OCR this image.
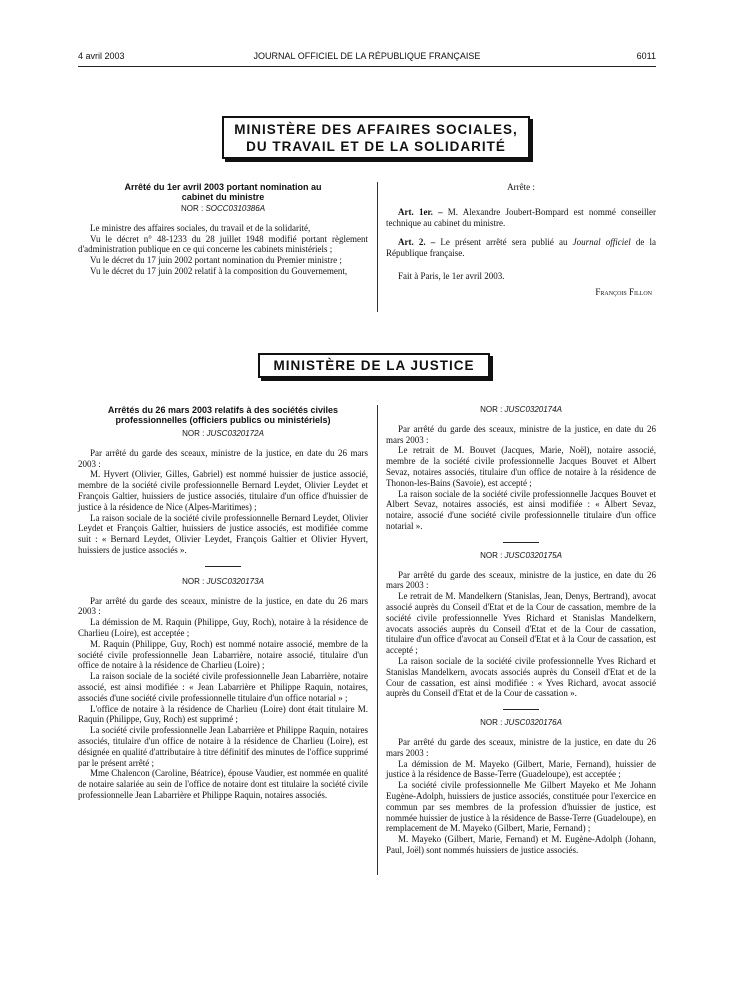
4 avril 2003	JOURNAL OFFICIEL DE LA RÉPUBLIQUE FRANÇAISE	6011
MINISTÈRE DES AFFAIRES SOCIALES,
DU TRAVAIL ET DE LA SOLIDARITÉ
Arrêté du 1er avril 2003 portant nomination au cabinet du ministre
NOR : SOCC0310386A

Le ministre des affaires sociales, du travail et de la solidarité,

Vu le décret n° 48-1233 du 28 juillet 1948 modifié portant règlement d'administration publique en ce qui concerne les cabinets ministériels ;

Vu le décret du 17 juin 2002 portant nomination du Premier ministre ;

Vu le décret du 17 juin 2002 relatif à la composition du Gouvernement,

Arrête :

Art. 1er. – M. Alexandre Joubert-Bompard est nommé conseiller technique au cabinet du ministre.

Art. 2. – Le présent arrêté sera publié au Journal officiel de la République française.

Fait à Paris, le 1er avril 2003.

François Fillon

MINISTÈRE DE LA JUSTICE
Arrêtés du 26 mars 2003 relatifs à des sociétés civiles professionnelles (officiers publics ou ministériels)
NOR : JUSC0320172A

Par arrêté du garde des sceaux, ministre de la justice, en date du 26 mars 2003 :

M. Hyvert (Olivier, Gilles, Gabriel) est nommé huissier de justice associé, membre de la société civile professionnelle Bernard Leydet, Olivier Leydet et François Galtier, huissiers de justice associés, titulaire d'un office d'huissier de justice à la résidence de Nice (Alpes-Maritimes) ;

La raison sociale de la société civile professionnelle Bernard Leydet, Olivier Leydet et François Galtier, huissiers de justice associés, est modifiée comme suit : « Bernard Leydet, Olivier Leydet, François Galtier et Olivier Hyvert, huissiers de justice associés ».

NOR : JUSC0320173A

Par arrêté du garde des sceaux, ministre de la justice, en date du 26 mars 2003 :

La démission de M. Raquin (Philippe, Guy, Roch), notaire à la résidence de Charlieu (Loire), est acceptée ;

M. Raquin (Philippe, Guy, Roch) est nommé notaire associé, membre de la société civile professionnelle Jean Labarrière, notaire associé, titulaire d'un office de notaire à la résidence de Charlieu (Loire) ;

La raison sociale de la société civile professionnelle Jean Labarrière, notaire associé, est ainsi modifiée : « Jean Labarrière et Philippe Raquin, notaires, associés d'une société civile professionnelle titulaire d'un office notarial » ;

L'office de notaire à la résidence de Charlieu (Loire) dont était titulaire M. Raquin (Philippe, Guy, Roch) est supprimé ;

La société civile professionnelle Jean Labarrière et Philippe Raquin, notaires associés, titulaire d'un office de notaire à la résidence de Charlieu (Loire), est désignée en qualité d'attributaire à titre définitif des minutes de l'office supprimé par le présent arrêté ;

Mme Chalencon (Caroline, Béatrice), épouse Vaudier, est nommée en qualité de notaire salariée au sein de l'office de notaire dont est titulaire la société civile professionnelle Jean Labarrière et Philippe Raquin, notaires associés.

NOR : JUSC0320174A

Par arrêté du garde des sceaux, ministre de la justice, en date du 26 mars 2003 :

Le retrait de M. Bouvet (Jacques, Marie, Noël), notaire associé, membre de la société civile professionnelle Jacques Bouvet et Albert Sevaz, notaires associés, titulaire d'un office de notaire à la résidence de Thonon-les-Bains (Savoie), est accepté ;

La raison sociale de la société civile professionnelle Jacques Bouvet et Albert Sevaz, notaires associés, est ainsi modifiée : « Albert Sevaz, notaire, associé d'une société civile professionnelle titulaire d'un office notarial ».

NOR : JUSC0320175A

Par arrêté du garde des sceaux, ministre de la justice, en date du 26 mars 2003 :

Le retrait de M. Mandelkern (Stanislas, Jean, Denys, Bertrand), avocat associé auprès du Conseil d'Etat et de la Cour de cassation, membre de la société civile professionnelle Yves Richard et Stanislas Mandelkern, avocats associés auprès du Conseil d'Etat et de la Cour de cassation, titulaire d'un office d'avocat au Conseil d'Etat et à la Cour de cassation, est accepté ;

La raison sociale de la société civile professionnelle Yves Richard et Stanislas Mandelkern, avocats associés auprès du Conseil d'Etat et de la Cour de cassation, est ainsi modifiée : « Yves Richard, avocat associé auprès du Conseil d'Etat et de la Cour de cassation ».

NOR : JUSC0320176A

Par arrêté du garde des sceaux, ministre de la justice, en date du 26 mars 2003 :

La démission de M. Mayeko (Gilbert, Marie, Fernand), huissier de justice à la résidence de Basse-Terre (Guadeloupe), est acceptée ;

La société civile professionnelle Me Gilbert Mayeko et Me Johann Eugène-Adolph, huissiers de justice associés, constituée pour l'exercice en commun par ses membres de la profession d'huissier de justice, est nommée huissier de justice à la résidence de Basse-Terre (Guadeloupe), en remplacement de M. Mayeko (Gilbert, Marie, Fernand) ;

M. Mayeko (Gilbert, Marie, Fernand) et M. Eugène-Adolph (Johann, Paul, Joël) sont nommés huissiers de justice associés.
